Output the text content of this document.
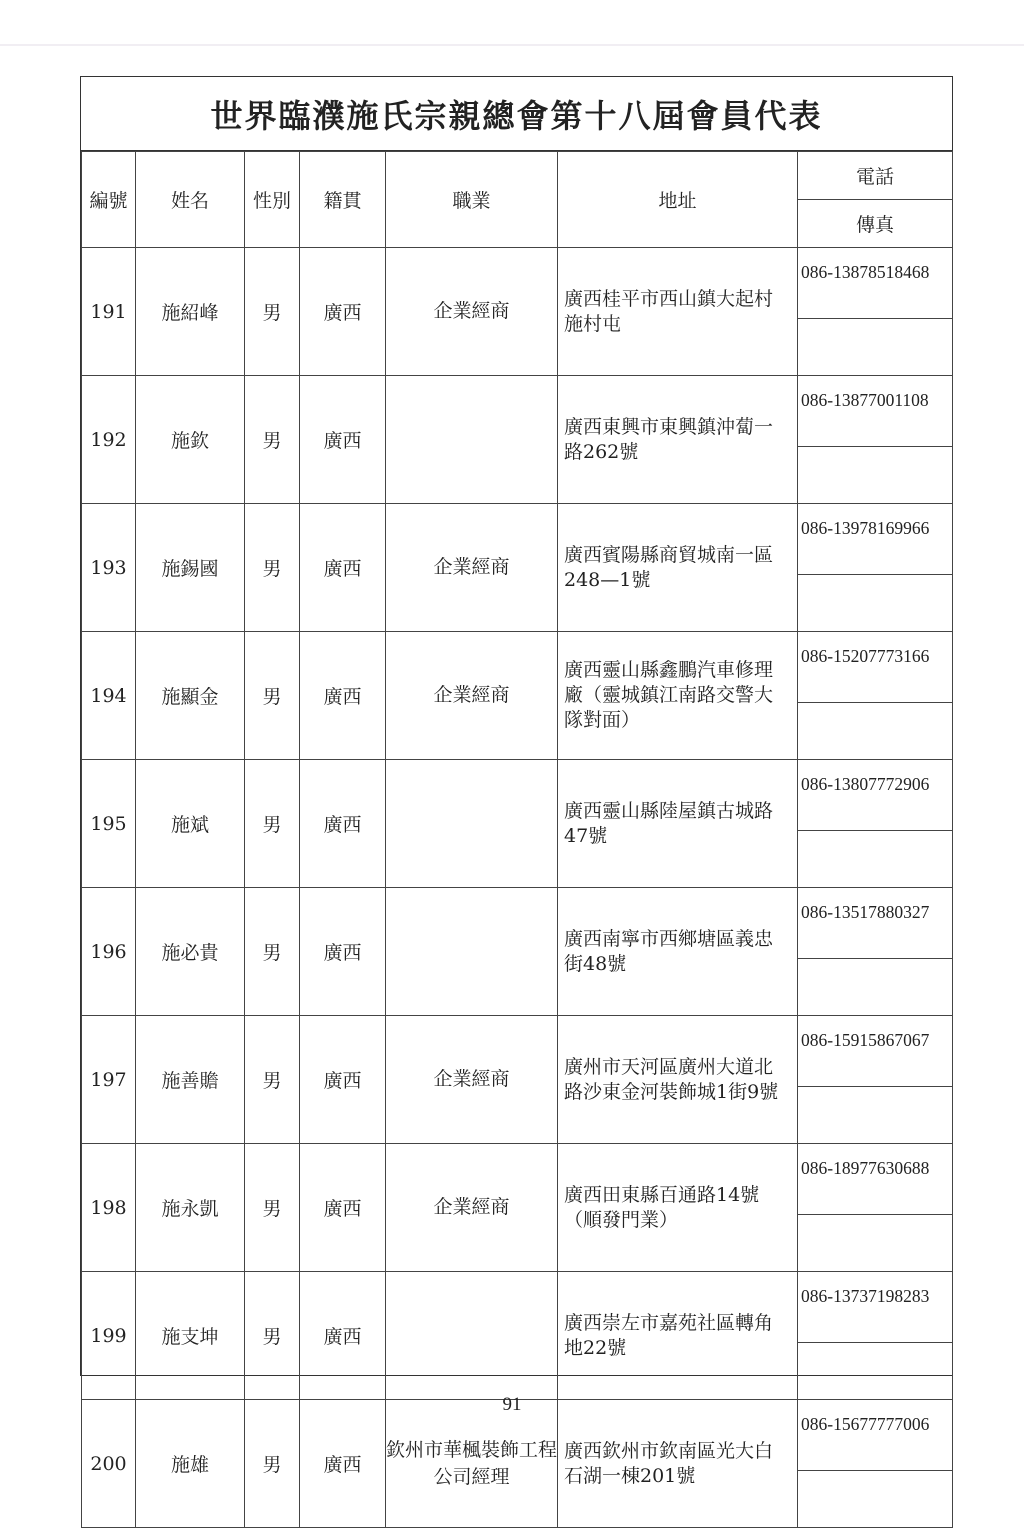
世界臨濮施氏宗親總會第十八屆會員代表
編號	姓名	性別	籍貫	職業	地址	電話
						傳真
191	施紹峰	男	廣西	企業經商	廣西桂平市西山鎮大起村施村屯	086-13878518468

192	施欽	男	廣西		廣西東興市東興鎮沖蔔一路262號	086-13877001108

193	施錫國	男	廣西	企業經商	廣西賓陽縣商貿城南一區248—1號	086-13978169966

194	施顯金	男	廣西	企業經商	廣西靈山縣鑫鵬汽車修理廠（靈城鎮江南路交警大隊對面）	086-15207773166

195	施斌	男	廣西		廣西靈山縣陸屋鎮古城路47號	086-13807772906

196	施必貴	男	廣西		廣西南寧市西鄉塘區義忠街48號	086-13517880327

197	施善贍	男	廣西	企業經商	廣州市天河區廣州大道北路沙東金河裝飾城1街9號	086-15915867067

198	施永凱	男	廣西	企業經商	廣西田東縣百通路14號（順發門業）	086-18977630688

199	施支坤	男	廣西		廣西崇左市嘉苑社區轉角地22號	086-13737198283

200	施雄	男	廣西	欽州市華楓裝飾工程公司經理	廣西欽州市欽南區光大白石湖一棟201號	086-15677777006

91
